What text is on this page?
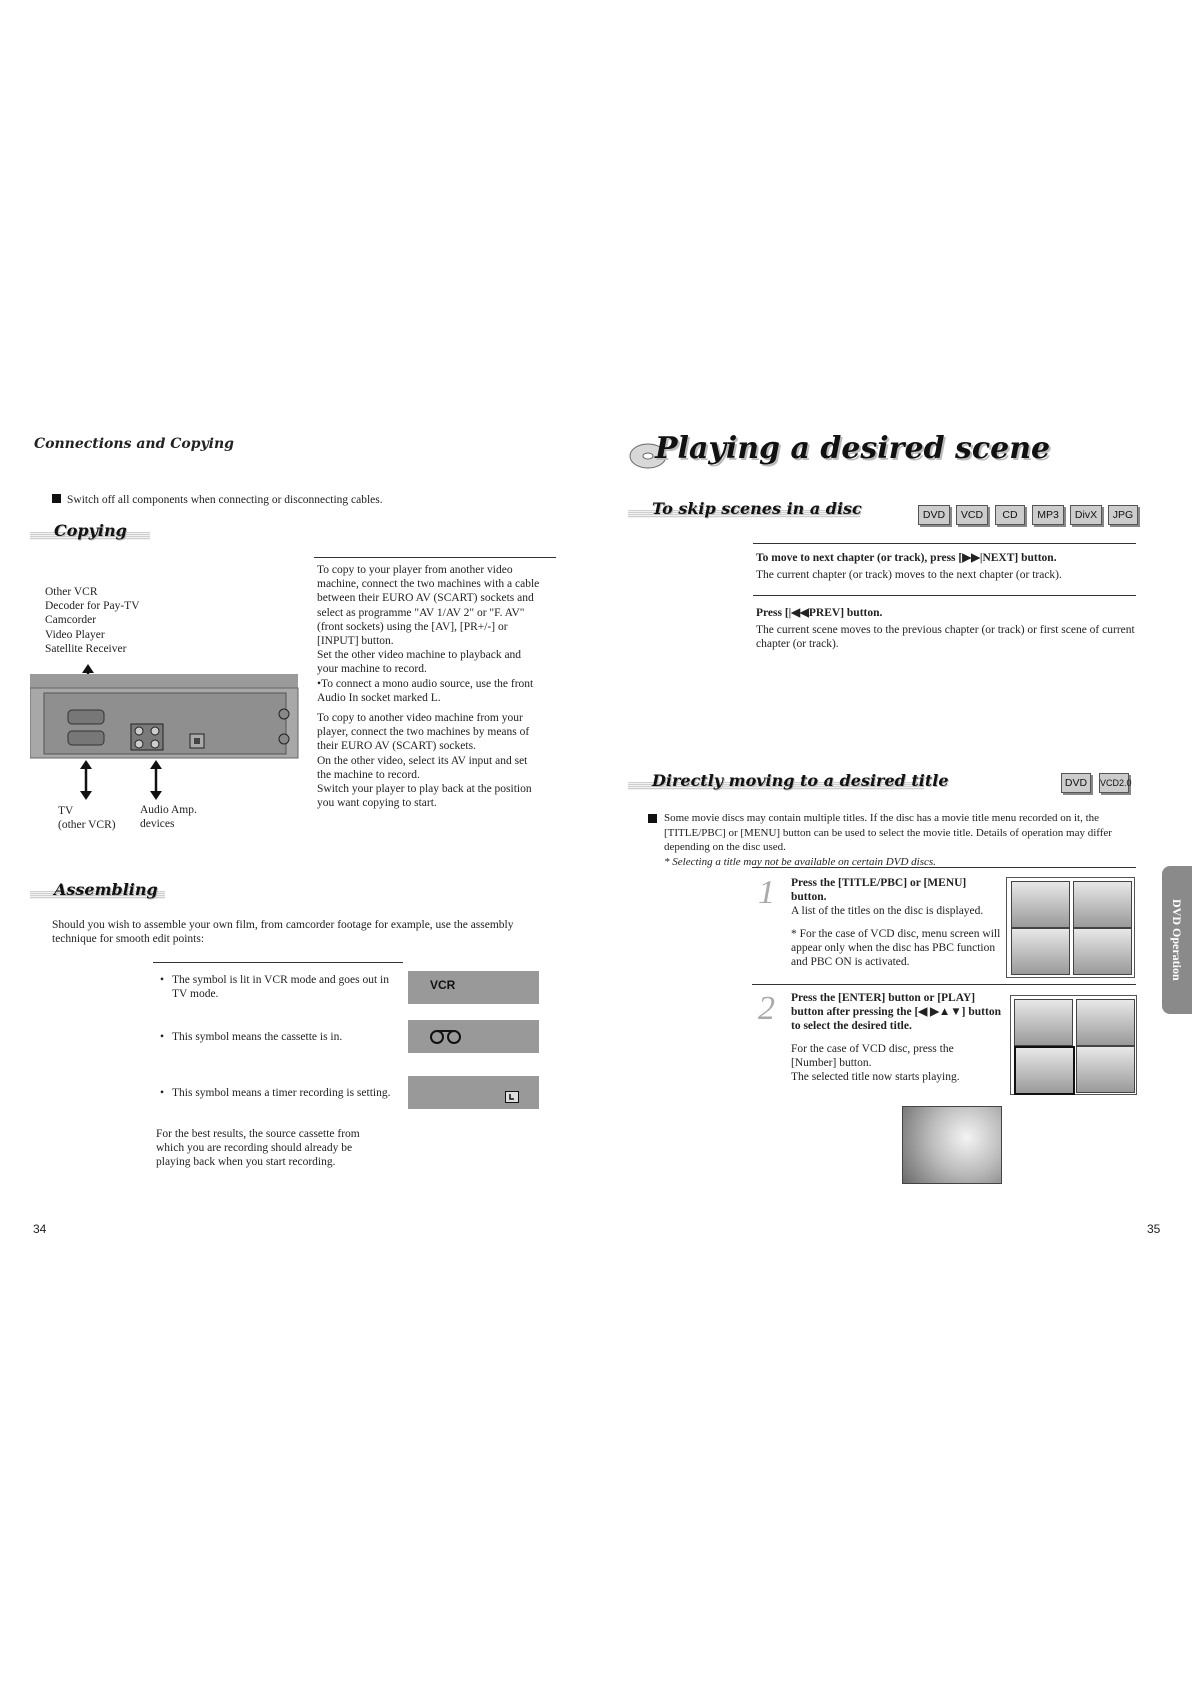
Connections and Copying
Switch off all components when connecting or disconnecting cables.
Copying
Other VCR
Decoder for Pay-TV
Camcorder
Video Player
Satellite Receiver
TV
(other VCR)
Audio Amp.
devices
To copy to your player from another video machine, connect the two machines with a cable between their EURO AV (SCART) sockets and select as programme "AV 1/AV 2" or "F. AV" (front sockets) using the [AV], [PR+/-] or [INPUT] button.
Set the other video machine to playback and your machine to record.
•To connect a mono audio source, use the front Audio In socket marked L.
To copy to another video machine from your player, connect the two machines by means of their EURO AV (SCART) sockets.
On the other video, select its AV input and set the machine to record.
Switch your player to play back at the position you want copying to start.
Assembling
Should you wish to assemble your own film, from camcorder footage for example, use the assembly technique for smooth edit points:
• The symbol is lit in VCR mode and goes out in TV mode.
VCR
• This symbol means the cassette is in.
• This symbol means a timer recording is setting.
For the best results, the source cassette from which you are recording should already be playing back when you start recording.
34
Playing a desired scene
To skip scenes in a disc	DVD	VCD	CD	MP3	DivX	JPG
To move to next chapter (or track), press [▶▶|NEXT] button.
The current chapter (or track) moves to the next chapter (or track).
Press [|◀◀PREV] button.
The current scene moves to the previous chapter (or track) or first scene of current chapter (or track).
Directly moving to a desired title	DVD	VCD2.0
Some movie discs may contain multiple titles. If the disc has a movie title menu recorded on it, the [TITLE/PBC] or [MENU] button can be used to select the movie title. Details of operation may differ depending on the disc used.
* Selecting a title may not be available on certain DVD discs.
1 Press the [TITLE/PBC] or [MENU] button.
A list of the titles on the disc is displayed.
* For the case of VCD disc, menu screen will appear only when the disc has PBC function and PBC ON is activated.
2 Press the [ENTER] button or [PLAY] button after pressing the [◀ ▶▲▼] button to select the desired title.
For the case of VCD disc, press the [Number] button.
The selected title now starts playing.
DVD Operation
35
